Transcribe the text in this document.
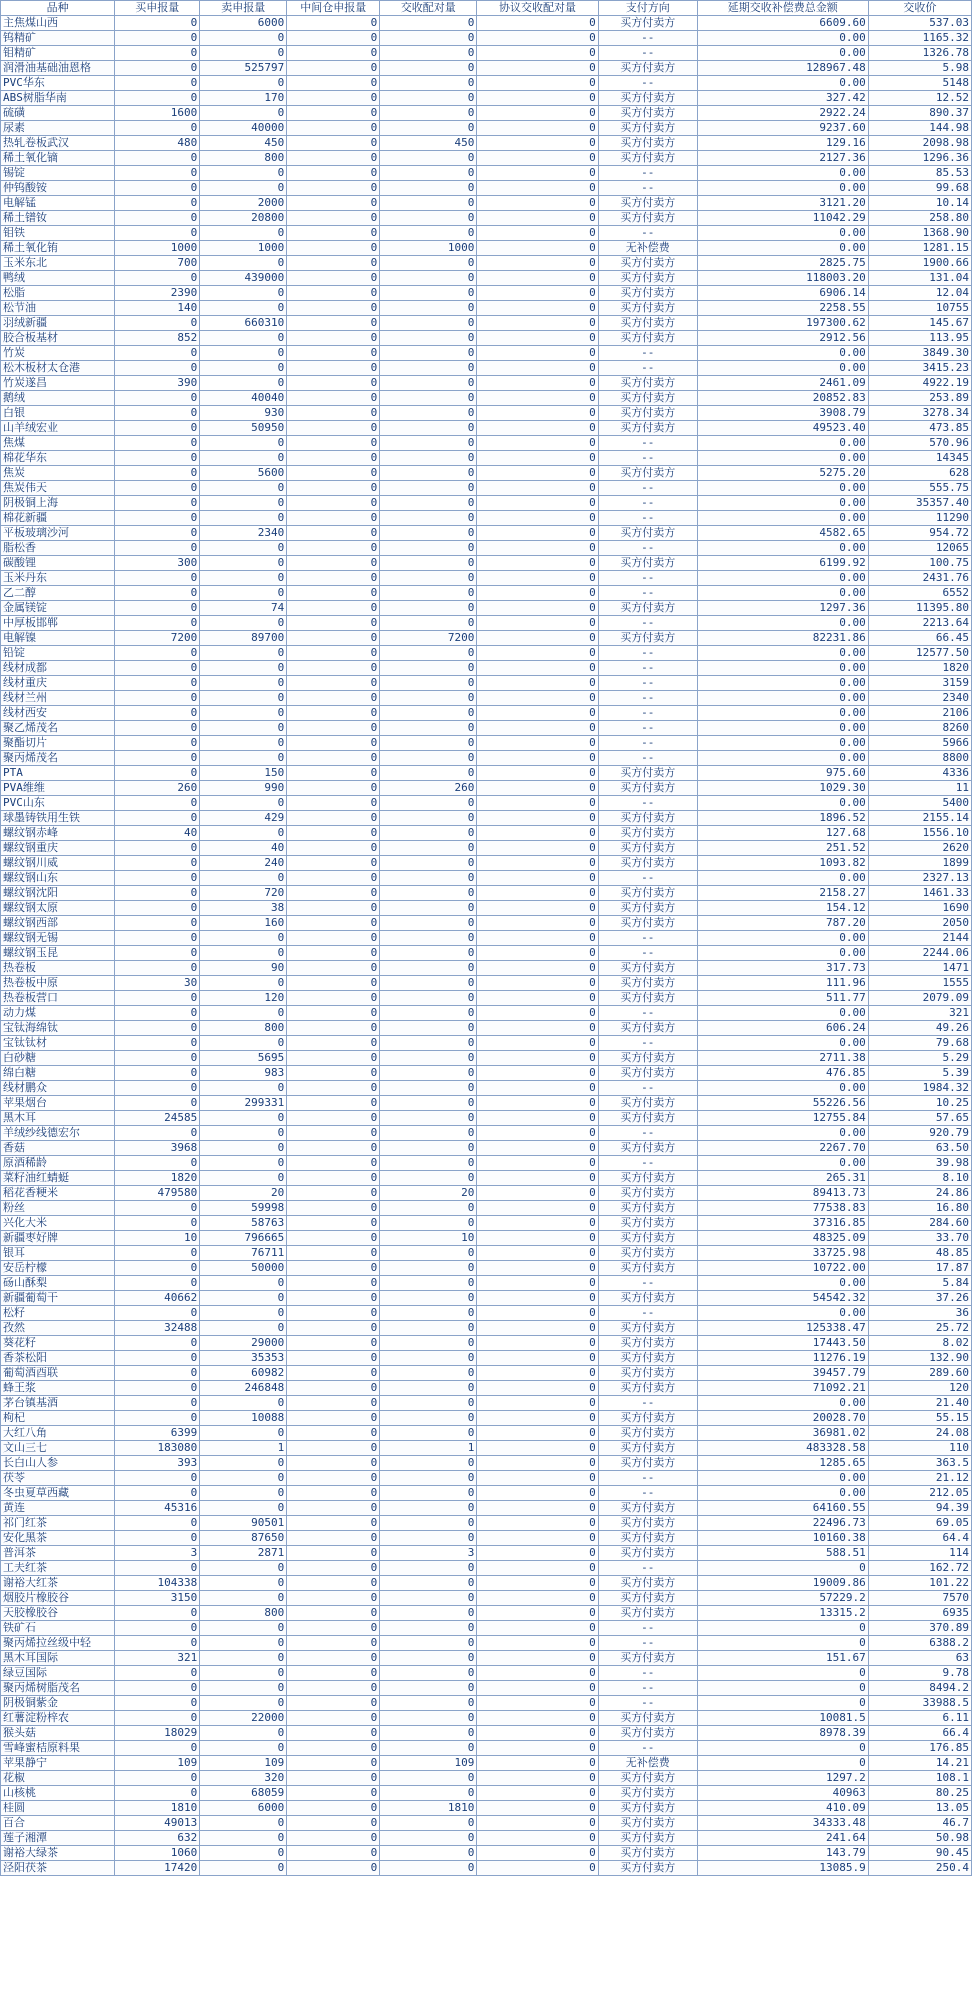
品种	买申报量	卖申报量	中间仓申报量	交收配对量	协议交收配对量	支付方向	延期交收补偿费总金额	交收价
主焦煤山西	0	6000	0	0	0	买方付卖方	6609.60	537.03
钨精矿	0	0	0	0	0	--	0.00	1165.32
钼精矿	0	0	0	0	0	--	0.00	1326.78
润滑油基础油恩格	0	525797	0	0	0	买方付卖方	128967.48	5.98
PVC华东	0	0	0	0	0	--	0.00	5148
ABS树脂华南	0	170	0	0	0	买方付卖方	327.42	12.52
硫磺	1600	0	0	0	0	买方付卖方	2922.24	890.37
尿素	0	40000	0	0	0	买方付卖方	9237.60	144.98
热轧卷板武汉	480	450	0	450	0	买方付卖方	129.16	2098.98
稀土氧化镝	0	800	0	0	0	买方付卖方	2127.36	1296.36
锡锭	0	0	0	0	0	--	0.00	85.53
仲钨酸铵	0	0	0	0	0	--	0.00	99.68
电解锰	0	2000	0	0	0	买方付卖方	3121.20	10.14
稀土镨钕	0	20800	0	0	0	买方付卖方	11042.29	258.80
钼铁	0	0	0	0	0	--	0.00	1368.90
稀土氧化铕	1000	1000	0	1000	0	无补偿费	0.00	1281.15
玉米东北	700	0	0	0	0	买方付卖方	2825.75	1900.66
鸭绒	0	439000	0	0	0	买方付卖方	118003.20	131.04
松脂	2390	0	0	0	0	买方付卖方	6906.14	12.04
松节油	140	0	0	0	0	买方付卖方	2258.55	10755
羽绒新疆	0	660310	0	0	0	买方付卖方	197300.62	145.67
胶合板基材	852	0	0	0	0	买方付卖方	2912.56	113.95
竹炭	0	0	0	0	0	--	0.00	3849.30
松木板材太仓港	0	0	0	0	0	--	0.00	3415.23
竹炭遂昌	390	0	0	0	0	买方付卖方	2461.09	4922.19
鹅绒	0	40040	0	0	0	买方付卖方	20852.83	253.89
白银	0	930	0	0	0	买方付卖方	3908.79	3278.34
山羊绒宏业	0	50950	0	0	0	买方付卖方	49523.40	473.85
焦煤	0	0	0	0	0	--	0.00	570.96
棉花华东	0	0	0	0	0	--	0.00	14345
焦炭	0	5600	0	0	0	买方付卖方	5275.20	628
焦炭伟天	0	0	0	0	0	--	0.00	555.75
阴极铜上海	0	0	0	0	0	--	0.00	35357.40
棉花新疆	0	0	0	0	0	--	0.00	11290
平板玻璃沙河	0	2340	0	0	0	买方付卖方	4582.65	954.72
脂松香	0	0	0	0	0	--	0.00	12065
碳酸锂	300	0	0	0	0	买方付卖方	6199.92	100.75
玉米丹东	0	0	0	0	0	--	0.00	2431.76
乙二醇	0	0	0	0	0	--	0.00	6552
金属镁锭	0	74	0	0	0	买方付卖方	1297.36	11395.80
中厚板邯郸	0	0	0	0	0	--	0.00	2213.64
电解镍	7200	89700	0	7200	0	买方付卖方	82231.86	66.45
铅锭	0	0	0	0	0	--	0.00	12577.50
线材成都	0	0	0	0	0	--	0.00	1820
线材重庆	0	0	0	0	0	--	0.00	3159
线材兰州	0	0	0	0	0	--	0.00	2340
线材西安	0	0	0	0	0	--	0.00	2106
聚乙烯茂名	0	0	0	0	0	--	0.00	8260
聚酯切片	0	0	0	0	0	--	0.00	5966
聚丙烯茂名	0	0	0	0	0	--	0.00	8800
PTA	0	150	0	0	0	买方付卖方	975.60	4336
PVA维维	260	990	0	260	0	买方付卖方	1029.30	11
PVC山东	0	0	0	0	0	--	0.00	5400
球墨铸铁用生铁	0	429	0	0	0	买方付卖方	1896.52	2155.14
螺纹钢赤峰	40	0	0	0	0	买方付卖方	127.68	1556.10
螺纹钢重庆	0	40	0	0	0	买方付卖方	251.52	2620
螺纹钢川威	0	240	0	0	0	买方付卖方	1093.82	1899
螺纹钢山东	0	0	0	0	0	--	0.00	2327.13
螺纹钢沈阳	0	720	0	0	0	买方付卖方	2158.27	1461.33
螺纹钢太原	0	38	0	0	0	买方付卖方	154.12	1690
螺纹钢西部	0	160	0	0	0	买方付卖方	787.20	2050
螺纹钢无锡	0	0	0	0	0	--	0.00	2144
螺纹钢玉昆	0	0	0	0	0	--	0.00	2244.06
热卷板	0	90	0	0	0	买方付卖方	317.73	1471
热卷板中原	30	0	0	0	0	买方付卖方	111.96	1555
热卷板营口	0	120	0	0	0	买方付卖方	511.77	2079.09
动力煤	0	0	0	0	0	--	0.00	321
宝钛海绵钛	0	800	0	0	0	买方付卖方	606.24	49.26
宝钛钛材	0	0	0	0	0	--	0.00	79.68
白砂糖	0	5695	0	0	0	买方付卖方	2711.38	5.29
绵白糖	0	983	0	0	0	买方付卖方	476.85	5.39
线材鹏众	0	0	0	0	0	--	0.00	1984.32
苹果烟台	0	299331	0	0	0	买方付卖方	55226.56	10.25
黑木耳	24585	0	0	0	0	买方付卖方	12755.84	57.65
羊绒纱线德宏尔	0	0	0	0	0	--	0.00	920.79
香菇	3968	0	0	0	0	买方付卖方	2267.70	63.50
原酒稀龄	0	0	0	0	0	--	0.00	39.98
菜籽油红蜻蜓	1820	0	0	0	0	买方付卖方	265.31	8.10
稻花香粳米	479580	20	0	20	0	买方付卖方	89413.73	24.86
粉丝	0	59998	0	0	0	买方付卖方	77538.83	16.80
兴化大米	0	58763	0	0	0	买方付卖方	37316.85	284.60
新疆枣好牌	10	796665	0	10	0	买方付卖方	48325.09	33.70
银耳	0	76711	0	0	0	买方付卖方	33725.98	48.85
安岳柠檬	0	50000	0	0	0	买方付卖方	10722.00	17.87
砀山酥梨	0	0	0	0	0	--	0.00	5.84
新疆葡萄干	40662	0	0	0	0	买方付卖方	54542.32	37.26
松籽	0	0	0	0	0	--	0.00	36
孜然	32488	0	0	0	0	买方付卖方	125338.47	25.72
葵花籽	0	29000	0	0	0	买方付卖方	17443.50	8.02
香茶松阳	0	35353	0	0	0	买方付卖方	11276.19	132.90
葡萄酒酉联	0	60982	0	0	0	买方付卖方	39457.79	289.60
蜂王浆	0	246848	0	0	0	买方付卖方	71092.21	120
茅台镇基酒	0	0	0	0	0	--	0.00	21.40
枸杞	0	10088	0	0	0	买方付卖方	20028.70	55.15
大红八角	6399	0	0	0	0	买方付卖方	36981.02	24.08
文山三七	183080	1	0	1	0	买方付卖方	483328.58	110
长白山人参	393	0	0	0	0	买方付卖方	1285.65	363.5
茯苓	0	0	0	0	0	--	0.00	21.12
冬虫夏草西藏	0	0	0	0	0	--	0.00	212.05
黄连	45316	0	0	0	0	买方付卖方	64160.55	94.39
祁门红茶	0	90501	0	0	0	买方付卖方	22496.73	69.05
安化黑茶	0	87650	0	0	0	买方付卖方	10160.38	64.4
普洱茶	3	2871	0	3	0	买方付卖方	588.51	114
工夫红茶	0	0	0	0	0	--	0	162.72
谢裕大红茶	104338	0	0	0	0	买方付卖方	19009.86	101.22
烟胶片橡胶谷	3150	0	0	0	0	买方付卖方	57229.2	7570
天胶橡胶谷	0	800	0	0	0	买方付卖方	13315.2	6935
铁矿石	0	0	0	0	0	--	0	370.89
聚丙烯拉丝级中轻	0	0	0	0	0	--	0	6388.2
黑木耳国际	321	0	0	0	0	买方付卖方	151.67	63
绿豆国际	0	0	0	0	0	--	0	9.78
聚丙烯树脂茂名	0	0	0	0	0	--	0	8494.2
阴极铜紫金	0	0	0	0	0	--	0	33988.5
红薯淀粉梓农	0	22000	0	0	0	买方付卖方	10081.5	6.11
猴头菇	18029	0	0	0	0	买方付卖方	8978.39	66.4
雪峰蜜桔原料果	0	0	0	0	0	--	0	176.85
苹果静宁	109	109	0	109	0	无补偿费	0	14.21
花椒	0	320	0	0	0	买方付卖方	1297.2	108.1
山核桃	0	68059	0	0	0	买方付卖方	40963	80.25
桂圆	1810	6000	0	1810	0	买方付卖方	410.09	13.05
百合	49013	0	0	0	0	买方付卖方	34333.48	46.7
莲子湘潭	632	0	0	0	0	买方付卖方	241.64	50.98
谢裕大绿茶	1060	0	0	0	0	买方付卖方	143.79	90.45
泾阳茯茶	17420	0	0	0	0	买方付卖方	13085.9	250.4
